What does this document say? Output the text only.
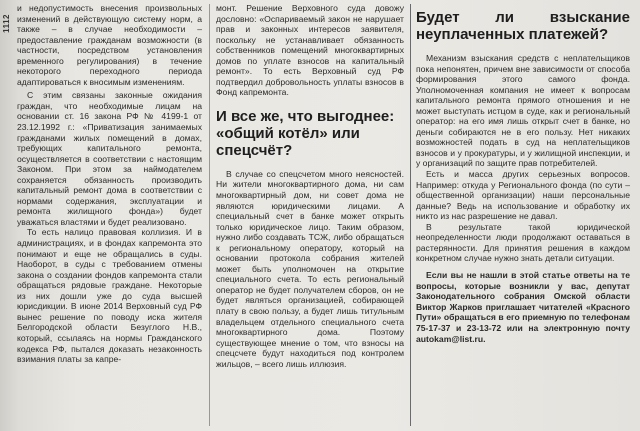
1112

и недопустимость внесения произвольных изменений в действующую систему норм, а также – в случае необходимости – предоставление гражданам возможности (в частности, посредством установления временного регулирования) в течение некоторого переходного периода адаптироваться к вносимым изменениям.

С этим связаны законные ожидания граждан, что необходимые лицам на основании ст. 16 закона РФ № 4199-1 от 23.12.1992 г.: «Приватизация занимаемых гражданами жилых помещений в домах, требующих капитального ремонта, осуществляется в соответствии с настоящим Законом. При этом за наймодателем сохраняется обязанность производить капитальный ремонт дома в соответствии с нормами содержания, эксплуатации и ремонта жилищного фонда») будет уважаться властями и будет реализовано.

То есть налицо правовая коллизия. И в администрациях, и в фондах капремонта это понимают и еще не обращались в суды. Наоборот, в суды с требованием отмены закона о создании фондов капремонта стали обращаться рядовые граждане. Некоторые из них дошли уже до суда высшей юрисдикции. В июне 2014 Верховный суд РФ вынес решение по поводу иска жителя Белгородской области Безуглого Н.В., который, ссылаясь на нормы Гражданского кодекса РФ, пытался доказать незаконность взимания платы за капре-

монт. Решение Верховного суда довожу дословно: «Оспариваемый закон не нарушает прав и законных интересов заявителя, поскольку не устанавливает обязанность собственников помещений многоквартирных домов по уплате взносов на капитальный ремонт». То есть Верховный суд РФ подтвердил добровольность уплаты взносов в Фонд капремонта.

И все же, что выгоднее: «общий котёл» или спецсчёт?

В случае со спецсчетом много неясностей. Ни жители многоквартирного дома, ни сам многоквартирный дом, ни совет дома не являются юридическими лицами. А специальный счет в банке может открыть только юридическое лицо. Таким образом, нужно либо создавать ТСЖ, либо обращаться к региональному оператору, который на основании протокола собрания жителей может быть уполномочен на открытие специального счета. То есть региональный оператор не будет получателем сборов, он не будет являться организацией, собирающей плату в свою пользу, а будет лишь титульным владельцем отдельного специального счета многоквартирного дома. Поэтому существующее мнение о том, что взносы на спецсчете будут находиться под контролем жильцов, – всего лишь иллюзия.

Будет ли взыскание неуплаченных платежей?

Механизм взыскания средств с неплательщиков пока непонятен, причем вне зависимости от способа формирования этого самого фонда. Уполномоченная компания не имеет к вопросам капитального ремонта прямого отношения и не может выступать истцом в суде, как и региональный оператор: на его имя лишь открыт счет в банке, но деньги собираются не в его пользу. Нет никаких возможностей подать в суд на неплательщиков взносов и у прокуратуры, и у жилищной инспекции, и у организаций по защите прав потребителей.

Есть и масса других серьезных вопросов. Например: откуда у Регионального фонда (по сути – общественной организации) наши персональные данные? Ведь на использование и обработку их никто из нас разрешение не давал.

В результате такой юридической неопределенности люди продолжают оставаться в растерянности. Для принятия решения в каждом конкретном случае нужно знать детали ситуации.

Если вы не нашли в этой статье ответы на те вопросы, которые возникли у вас, депутат Законодательного собрания Омской области Виктор Жарков приглашает читателей «Красного Пути» обращаться в его приемную по телефонам 75-17-37 и 23-13-72 или на электронную почту autokam@list.ru.
